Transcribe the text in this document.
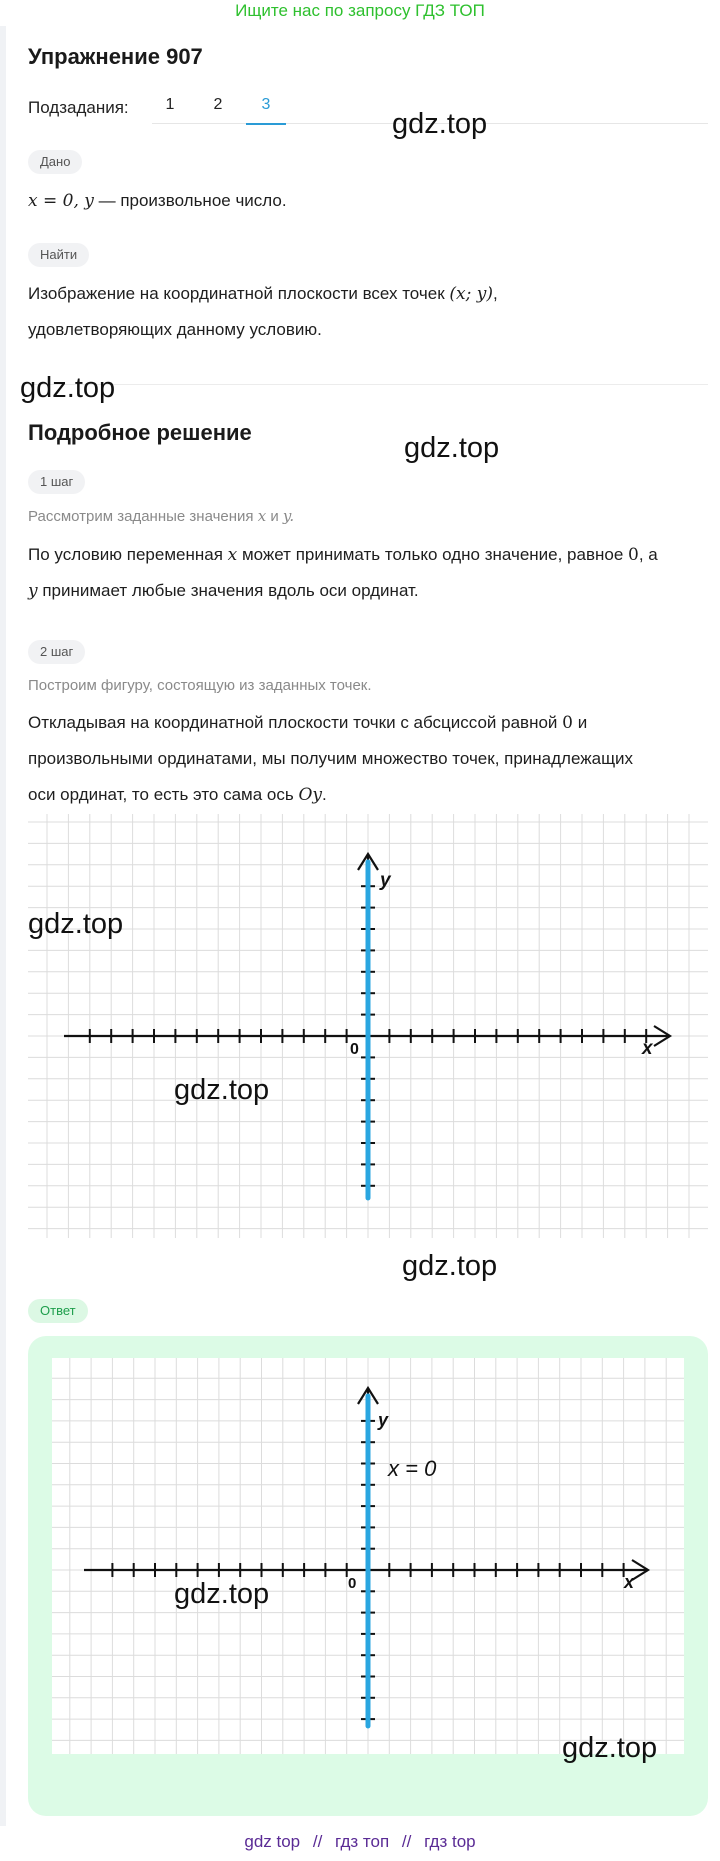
Ищите нас по запросу ГДЗ ТОП
Упражнение 907
Подзадания:	1	2	3
gdz.top
Дано
x = 0, y — произвольное число.
Найти
Изображение на координатной плоскости всех точек (x; y),
удовлетворяющих данному условию.
gdz.top
Подробное решение	gdz.top
1 шаг
Рассмотрим заданные значения x и y.
По условию переменная x может принимать только одно значение, равное 0, а
y принимает любые значения вдоль оси ординат.
2 шаг
Построим фигуру, состоящую из заданных точек.
Откладывая на координатной плоскости точки с абсциссой равной 0 и
произвольными ординатами, мы получим множество точек, принадлежащих
оси ординат, то есть это сама ось Oy.
x
y
0
gdz.top
gdz.top
gdz.top
Ответ
x
y
0
x = 0
gdz.top
gdz.top
gdz top // гдз топ // гдз top
